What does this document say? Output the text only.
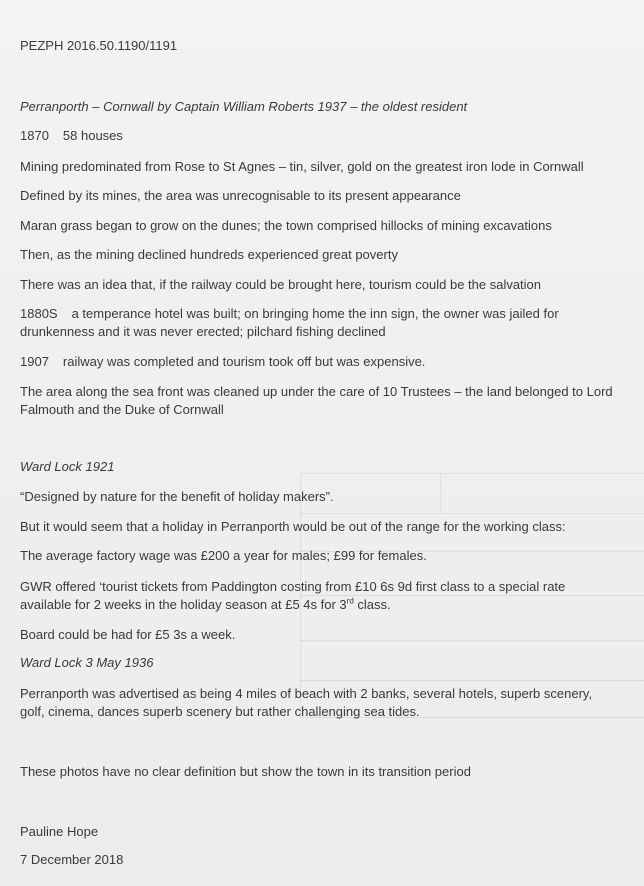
PEZPH 2016.50.1190/1191
Perranporth – Cornwall by Captain William Roberts 1937 – the oldest resident
1870 58 houses
Mining predominated from Rose to St Agnes – tin, silver, gold on the greatest iron lode in Cornwall
Defined by its mines, the area was unrecognisable to its present appearance
Maran grass began to grow on the dunes; the town comprised hillocks of mining excavations
Then, as the mining declined hundreds experienced great poverty
There was an idea that, if the railway could be brought here, tourism could be the salvation
1880S a temperance hotel was built; on bringing home the inn sign, the owner was jailed for drunkenness and it was never erected; pilchard fishing declined
1907 railway was completed and tourism took off but was expensive.
The area along the sea front was cleaned up under the care of 10 Trustees – the land belonged to Lord Falmouth and the Duke of Cornwall
Ward Lock 1921
“Designed by nature for the benefit of holiday makers”.
But it would seem that a holiday in Perranporth would be out of the range for the working class:
The average factory wage was £200 a year for males; £99 for females.
GWR offered ‘tourist tickets from Paddington costing from £10 6s 9d first class to a special rate available for 2 weeks in the holiday season at £5 4s for 3rd class.
Board could be had for £5 3s a week.
Ward Lock 3 May 1936
Perranporth was advertised as being 4 miles of beach with 2 banks, several hotels, superb scenery, golf, cinema, dances superb scenery but rather challenging sea tides.
These photos have no clear definition but show the town in its transition period
Pauline Hope
7 December 2018
